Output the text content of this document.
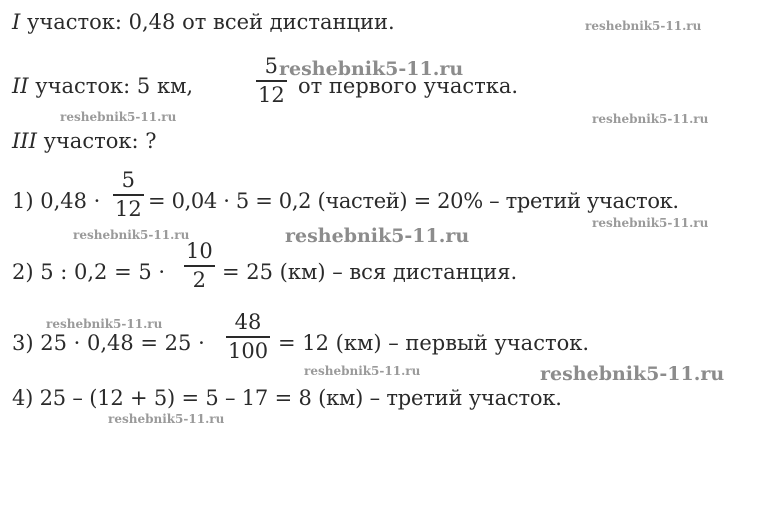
I участок: 0,48 от всей дистанции.
II участок: 5 км,
5
12 от первого участка.
III участок: ?
1) 0,48 ·
5
12 = 0,04 · 5 = 0,2 (частей) = 20% – третий участок.
2) 5 : 0,2 = 5 ·
10
2 = 25 (км) – вся дистанция.
3) 25 · 0,48 = 25 ·
48
100 = 12 (км) – первый участок.
4) 25 – (12 + 5) = 5 – 17 = 8 (км) – третий участок.
reshebnik5-11.ru
reshebnik5-11.ru
reshebnik5-11.ru	reshebnik5-11.ru
reshebnik5-11.ru
reshebnik5-11.ru	reshebnik5-11.ru
reshebnik5-11.ru
reshebnik5-11.ru	reshebnik5-11.ru
reshebnik5-11.ru
